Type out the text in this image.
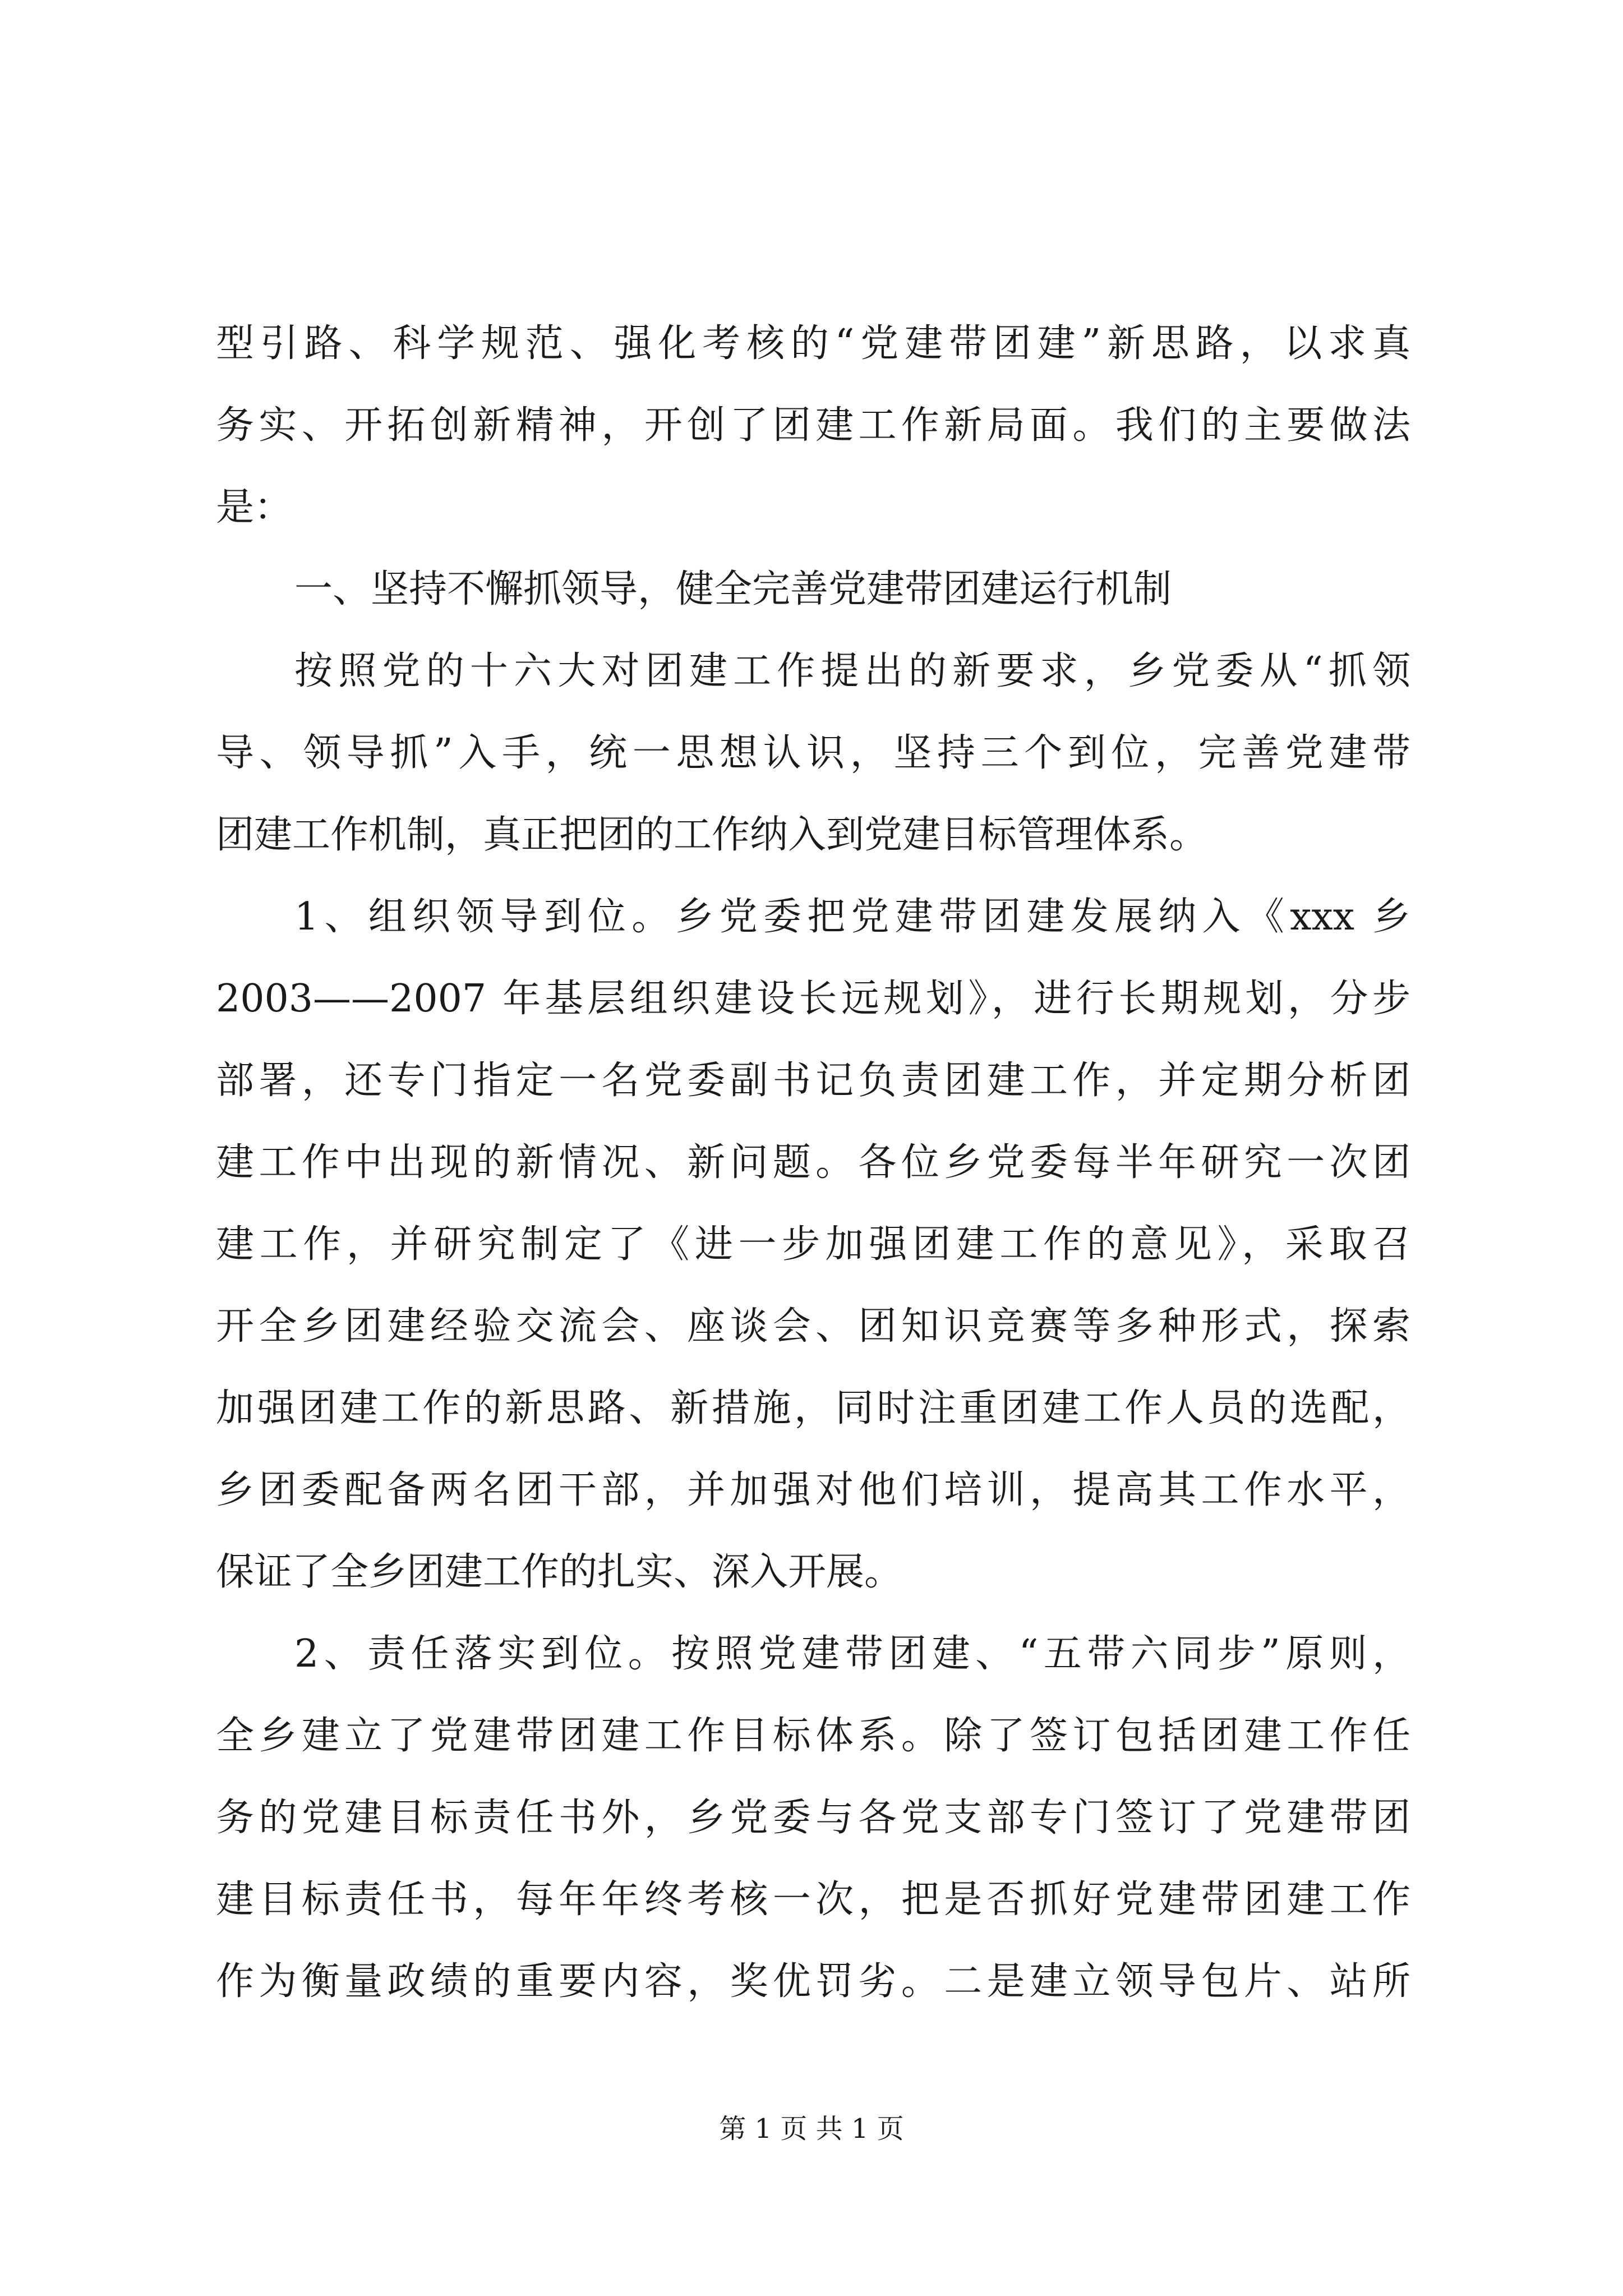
型引路、科学规范、强化考核的“党建带团建”新思路，以求真
务实、开拓创新精神，开创了团建工作新局面。我们的主要做法
是：
一、坚持不懈抓领导，健全完善党建带团建运行机制
按照党的十六大对团建工作提出的新要求，乡党委从“抓领
导、领导抓”入手，统一思想认识，坚持三个到位，完善党建带
团建工作机制，真正把团的工作纳入到党建目标管理体系。
1、组织领导到位。乡党委把党建带团建发展纳入《xxx 乡
2003——2007 年基层组织建设长远规划》，进行长期规划，分步
部署，还专门指定一名党委副书记负责团建工作，并定期分析团
建工作中出现的新情况、新问题。各位乡党委每半年研究一次团
建工作，并研究制定了《进一步加强团建工作的意见》，采取召
开全乡团建经验交流会、座谈会、团知识竞赛等多种形式，探索
加强团建工作的新思路、新措施，同时注重团建工作人员的选配，
乡团委配备两名团干部，并加强对他们培训，提高其工作水平，
保证了全乡团建工作的扎实、深入开展。
2、责任落实到位。按照党建带团建、“五带六同步”原则，
全乡建立了党建带团建工作目标体系。除了签订包括团建工作任
务的党建目标责任书外，乡党委与各党支部专门签订了党建带团
建目标责任书，每年年终考核一次，把是否抓好党建带团建工作
作为衡量政绩的重要内容，奖优罚劣。二是建立领导包片、站所
第 1 页 共 1 页
